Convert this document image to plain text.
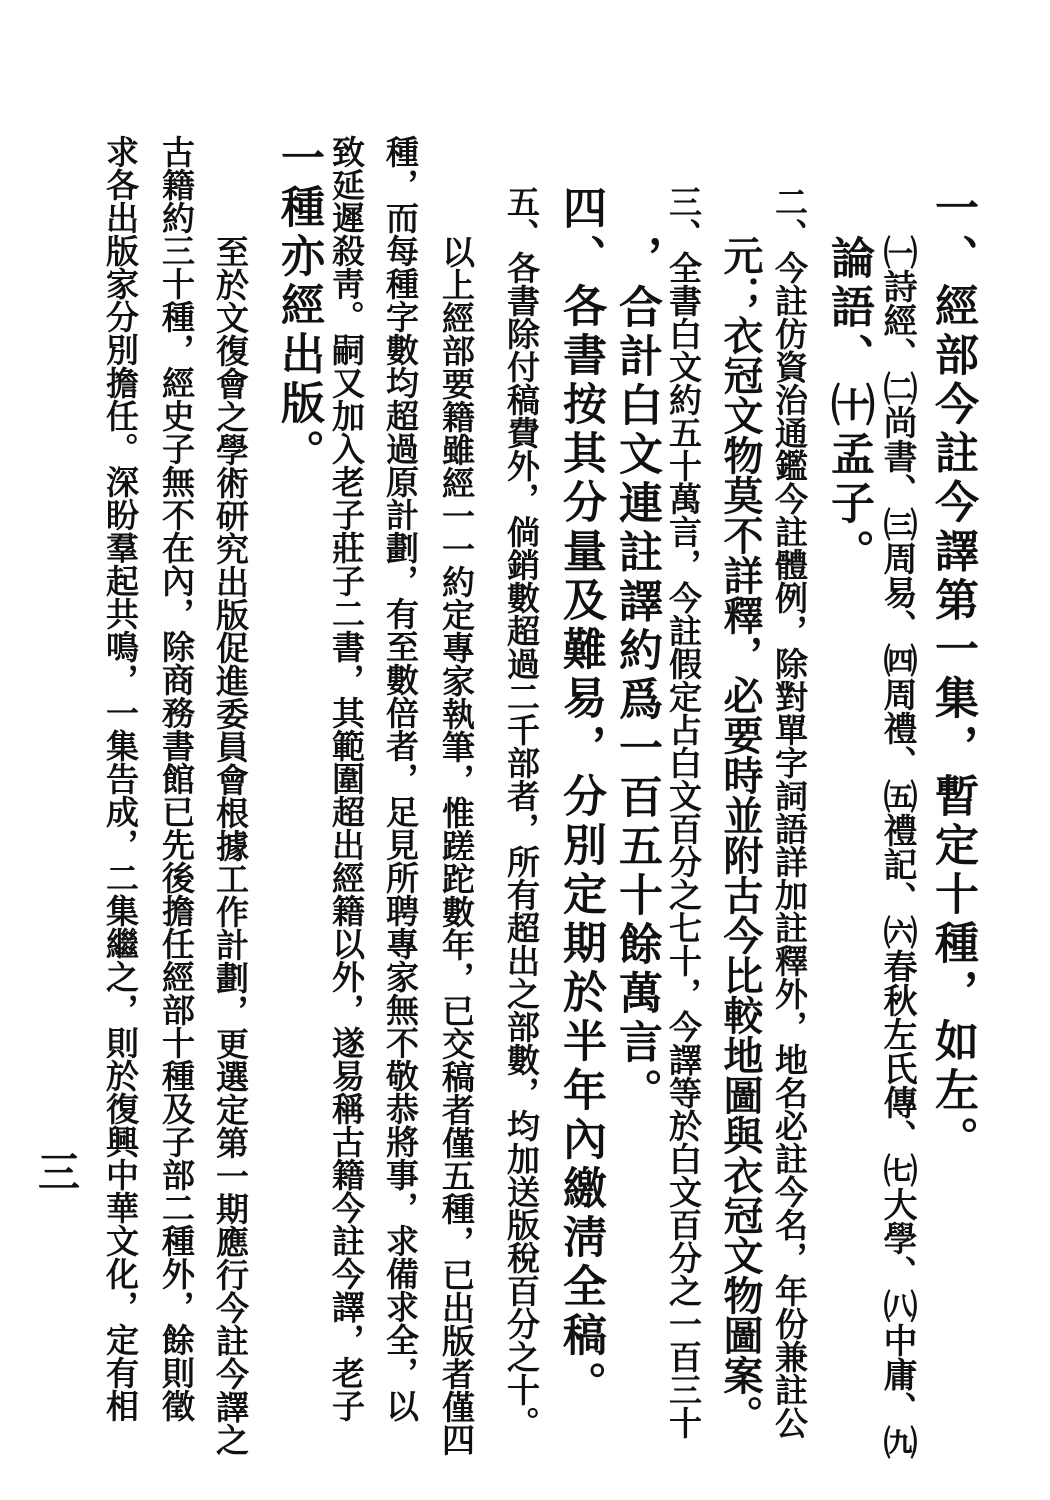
一、經部今註今譯第一集，暫定十種，如左。
㈠詩經、㈡尚書、㈢周易、㈣周禮、㈤禮記、㈥春秋左氏傳、㈦大學、㈧中庸、㈨
論語、㈩孟子。
二、今註仿資治通鑑今註體例，除對單字詞語詳加註釋外，地名必註今名，年份兼註公
元；衣冠文物莫不詳釋，必要時並附古今比較地圖與衣冠文物圖案。
三、全書白文約五十萬言，今註假定占白文百分之七十，今譯等於白文百分之一百三十
，合計白文連註譯約爲一百五十餘萬言。
四、各書按其分量及難易，分別定期於半年內繳淸全稿。
五、各書除付稿費外，倘銷數超過二千部者，所有超出之部數，均加送版稅百分之十。
以上經部要籍雖經一一約定專家執筆，惟蹉跎數年，已交稿者僅五種，已出版者僅四
種，而每種字數均超過原計劃，有至數倍者，足見所聘專家無不敬恭將事，求備求全，以
致延遲殺靑。嗣又加入老子莊子二書，其範圍超出經籍以外，遂易稱古籍今註今譯，老子
一種亦經出版。
至於文復會之學術研究出版促進委員會根據工作計劃，更選定第一期應行今註今譯之
古籍約三十種，經史子無不在內，除商務書館已先後擔任經部十種及子部二種外，餘則徵
求各出版家分別擔任。深盼羣起共鳴，一集告成，二集繼之，則於復興中華文化，定有相
三
